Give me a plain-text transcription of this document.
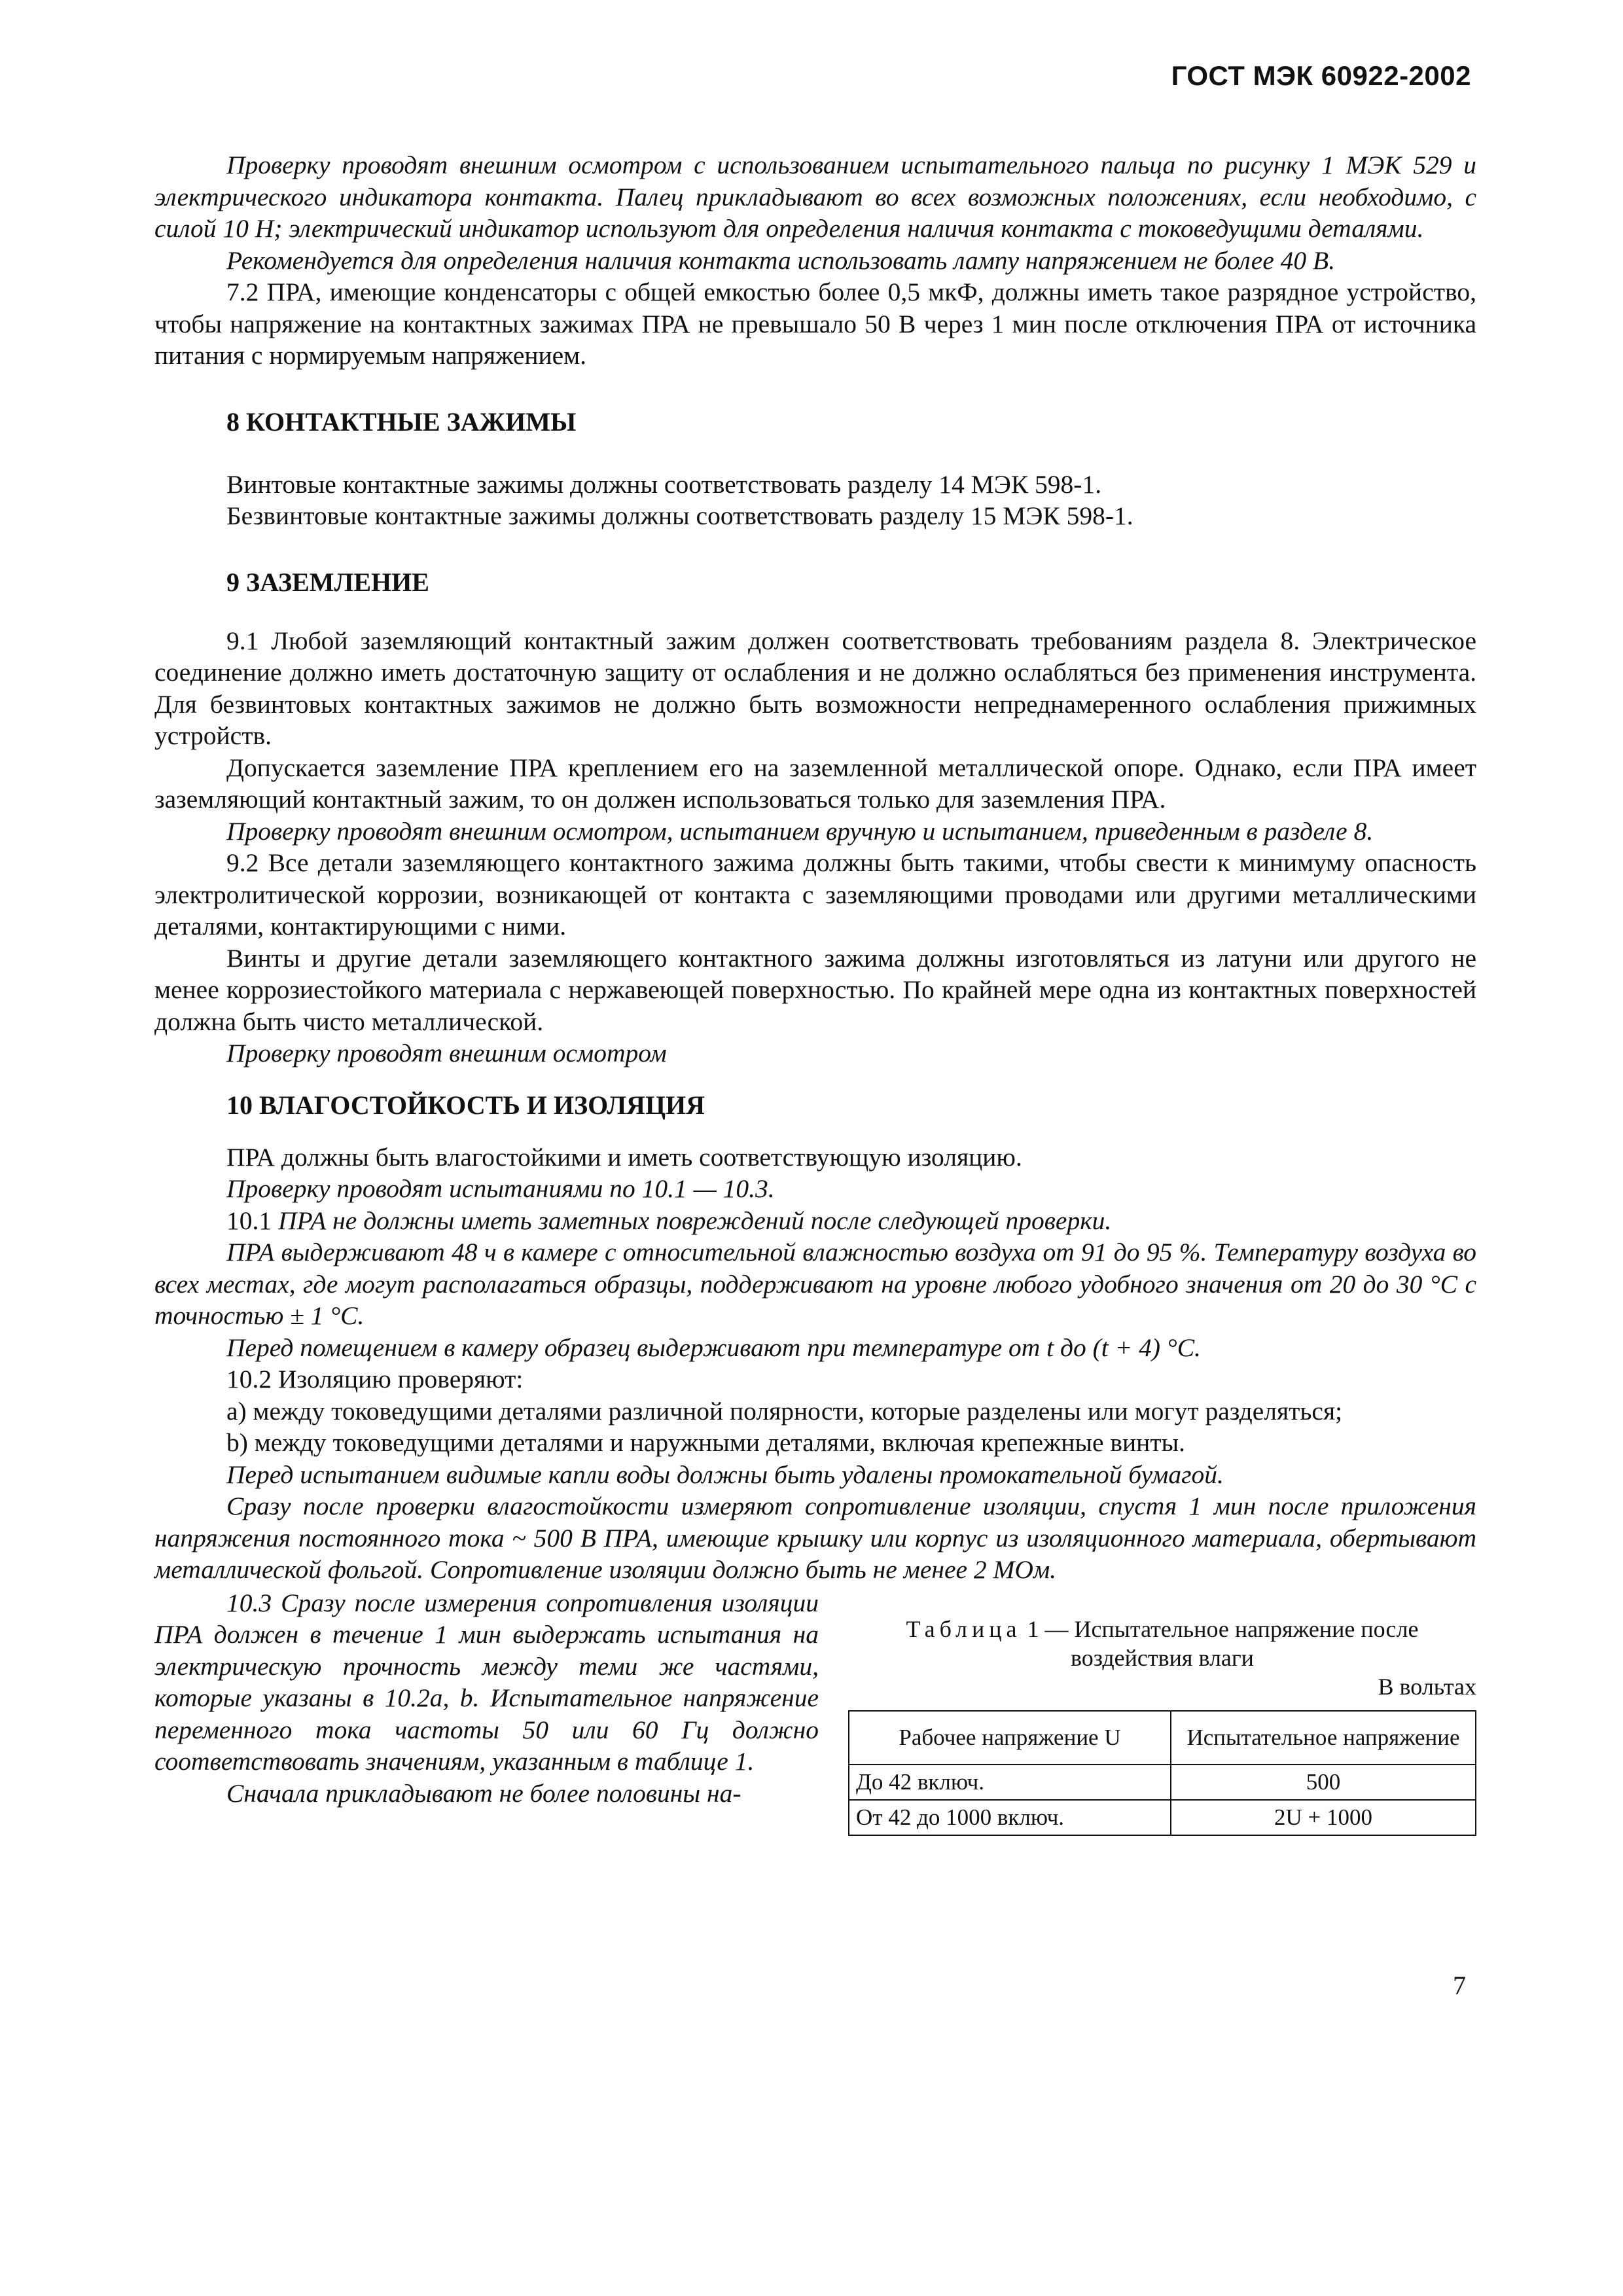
ГОСТ МЭК 60922-2002

Проверку проводят внешним осмотром с использованием испытательного пальца по рисунку 1 МЭК 529 и электрического индикатора контакта. Палец прикладывают во всех возможных положениях, если необходимо, с силой 10 Н; электрический индикатор используют для определения наличия контакта с токоведущими деталями.

Рекомендуется для определения наличия контакта использовать лампу напряжением не более 40 В.

7.2 ПРА, имеющие конденсаторы с общей емкостью более 0,5 мкФ, должны иметь такое разрядное устройство, чтобы напряжение на контактных зажимах ПРА не превышало 50 В через 1 мин после отключения ПРА от источника питания с нормируемым напряжением.

8 КОНТАКТНЫЕ ЗАЖИМЫ

Винтовые контактные зажимы должны соответствовать разделу 14 МЭК 598-1.

Безвинтовые контактные зажимы должны соответствовать разделу 15 МЭК 598-1.

9 ЗАЗЕМЛЕНИЕ

9.1 Любой заземляющий контактный зажим должен соответствовать требованиям раздела 8. Электрическое соединение должно иметь достаточную защиту от ослабления и не должно ослабляться без применения инструмента. Для безвинтовых контактных зажимов не должно быть возможности непреднамеренного ослабления прижимных устройств.

Допускается заземление ПРА креплением его на заземленной металлической опоре. Однако, если ПРА имеет заземляющий контактный зажим, то он должен использоваться только для заземления ПРА.

Проверку проводят внешним осмотром, испытанием вручную и испытанием, приведенным в разделе 8.

9.2 Все детали заземляющего контактного зажима должны быть такими, чтобы свести к минимуму опасность электролитической коррозии, возникающей от контакта с заземляющими проводами или другими металлическими деталями, контактирующими с ними.

Винты и другие детали заземляющего контактного зажима должны изготовляться из латуни или другого не менее коррозиестойкого материала с нержавеющей поверхностью. По крайней мере одна из контактных поверхностей должна быть чисто металлической.

Проверку проводят внешним осмотром

10 ВЛАГОСТОЙКОСТЬ И ИЗОЛЯЦИЯ

ПРА должны быть влагостойкими и иметь соответствующую изоляцию.

Проверку проводят испытаниями по 10.1 — 10.3.

10.1 ПРА не должны иметь заметных повреждений после следующей проверки.

ПРА выдерживают 48 ч в камере с относительной влажностью воздуха от 91 до 95 %. Температуру воздуха во всех местах, где могут располагаться образцы, поддерживают на уровне любого удобного значения от 20 до 30 °С с точностью ± 1 °С.

Перед помещением в камеру образец выдерживают при температуре от t до (t + 4) °С.

10.2 Изоляцию проверяют:

a) между токоведущими деталями различной полярности, которые разделены или могут разделяться;

b) между токоведущими деталями и наружными деталями, включая крепежные винты.

Перед испытанием видимые капли воды должны быть удалены промокательной бумагой.

Сразу после проверки влагостойкости измеряют сопротивление изоляции, спустя 1 мин после приложения напряжения постоянного тока ~ 500 В ПРА, имеющие крышку или корпус из изоляционного материала, обертывают металлической фольгой. Сопротивление изоляции должно быть не менее 2 МОм.

10.3 Сразу после измерения сопротивления изоляции ПРА должен в течение 1 мин выдержать испытания на электрическую прочность между теми же частями, которые указаны в 10.2a, b. Испытательное напряжение переменного тока частоты 50 или 60 Гц должно соответствовать значениям, указанным в таблице 1.

Сначала прикладывают не более половины на-

Таблица 1 — Испытательное напряжение после воздействия влаги
В вольтах
Рабочее напряжение U	Испытательное напряжение
До 42 включ.	500
От 42 до 1000 включ.	2U + 1000
7
